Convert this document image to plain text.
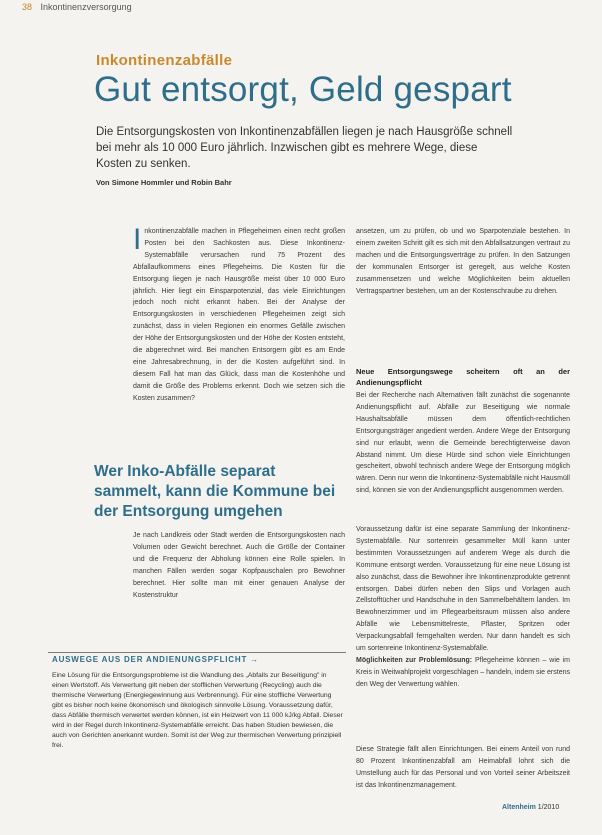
38 Inkontinenzversorgung
Inkontinenzabfälle
Gut entsorgt, Geld gespart
Die Entsorgungskosten von Inkontinenzabfällen liegen je nach Hausgröße schnell bei mehr als 10 000 Euro jährlich. Inzwischen gibt es mehrere Wege, diese Kosten zu senken.
Von Simone Hommler und Robin Bahr
Inkontinenzabfälle machen in Pflegeheimen einen recht großen Posten bei den Sachkosten aus. Diese Inkontinenz-Systemabfälle verursachen rund 75 Prozent des Abfallaufkommens eines Pflegeheims. Die Kosten für die Entsorgung liegen je nach Hausgröße meist über 10 000 Euro jährlich. Hier liegt ein Einsparpotenzial, das viele Einrichtungen jedoch noch nicht erkannt haben. Bei der Analyse der Entsorgungskosten in verschiedenen Pflegeheimen zeigt sich zunächst, dass in vielen Regionen ein enormes Gefälle zwischen der Höhe der Entsorgungskosten und der Höhe der Kosten entsteht, die abgerechnet wird. Bei manchen Entsorgern gibt es am Ende eine Jahresabrechnung, in der die Kosten aufgeführt sind. In diesem Fall hat man das Glück, dass man die Kostenhöhe und damit die Größe des Problems erkennt. Doch wie setzen sich die Kosten zusammen?
Wer Inko-Abfälle separat sammelt, kann die Kommune bei der Entsorgung umgehen
Je nach Landkreis oder Stadt werden die Entsorgungskosten nach Volumen oder Gewicht berechnet. Auch die Größe der Container und die Frequenz der Abholung können eine Rolle spielen. In manchen Fällen werden sogar Kopfpauschalen pro Bewohner berechnet. Hier sollte man mit einer genauen Analyse der Kostenstruktur
AUSWEGE AUS DER ANDIENUNGSPFLICHT →
Eine Lösung für die Entsorgungsprobleme ist die Wandlung des „Abfalls zur Beseitigung" in einen Wertstoff. Als Verwertung gilt neben der stofflichen Verwertung (Recycling) auch die thermische Verwertung (Energiegewinnung aus Verbrennung). Für eine stoffliche Verwertung gibt es bisher noch keine ökonomisch und ökologisch sinnvolle Lösung. Voraussetzung dafür, dass Abfälle thermisch verwertet werden können, ist ein Heizwert von 11 000 kJ/kg Abfall. Dieser wird in der Regel durch Inkontinenz-Systemabfälle erreicht. Das haben Studien bewiesen, die auch von Gerichten anerkannt wurden. Somit ist der Weg zur thermischen Verwertung prinzipiell frei.
ansetzen, um zu prüfen, ob und wo Sparpotenziale bestehen. In einem zweiten Schritt gilt es sich mit den Abfallsatzungen vertraut zu machen und die Entsorgungsverträge zu prüfen. In den Satzungen der kommunalen Entsorger ist geregelt, aus welche Kosten zusammensetzen und welche Möglichkeiten beim aktuellen Vertragspartner bestehen, um an der Kostenschraube zu drehen.
Neue Entsorgungswege scheitern oft an der Andienungspflicht
Bei der Recherche nach Alternativen fällt zunächst die sogenannte Andienungspflicht auf. Abfälle zur Beseitigung wie normale Haushaltsabfälle müssen dem öffentlich-rechtlichen Entsorgungsträger angedient werden. Andere Wege der Entsorgung sind nur erlaubt, wenn die Gemeinde berechtigterweise davon Abstand nimmt. Um diese Hürde sind schon viele Einrichtungen gescheitert, obwohl technisch andere Wege der Entsorgung möglich wären. Denn nur wenn die Inkontinenz-Systemabfälle nicht Hausmüll sind, können sie von der Andienungspflicht ausgenommen werden.
Voraussetzung dafür ist eine separate Sammlung der Inkontinenz-Systemabfälle. Nur sortenrein gesammelter Müll kann unter bestimmten Voraussetzungen auf anderem Wege als durch die Kommune entsorgt werden. Voraussetzung für eine neue Lösung ist also zunächst, dass die Bewohner ihre Inkontinenzprodukte getrennt entsorgen. Dabei dürfen neben den Slips und Vorlagen auch Zellstofftücher und Handschuhe in den Sammelbehältern landen. Im Bewohnerzimmer und im Pflegearbeitsraum müssen also andere Abfälle wie Lebensmittelreste, Pflaster, Spritzen oder Verpackungsabfall ferngehalten werden. Nur dann handelt es sich um sortenreine Inkontinenz-Systemabfälle.
Möglichkeiten zur Problemlösung: Pflegeheime können – wie im Kreis in Weitwahlprojekt vorgeschlagen – handeln, indem sie erstens den Weg der Verwertung wählen.
Diese Strategie fällt allen Einrichtungen. Bei einem Anteil von rund 80 Prozent Inkontinenzabfall am Heimabfall lohnt sich die Umstellung auch für das Personal und von Vorteil seiner Arbeitszeit ist das Inkontinenzmanagement.
Altenheim 1/2010
